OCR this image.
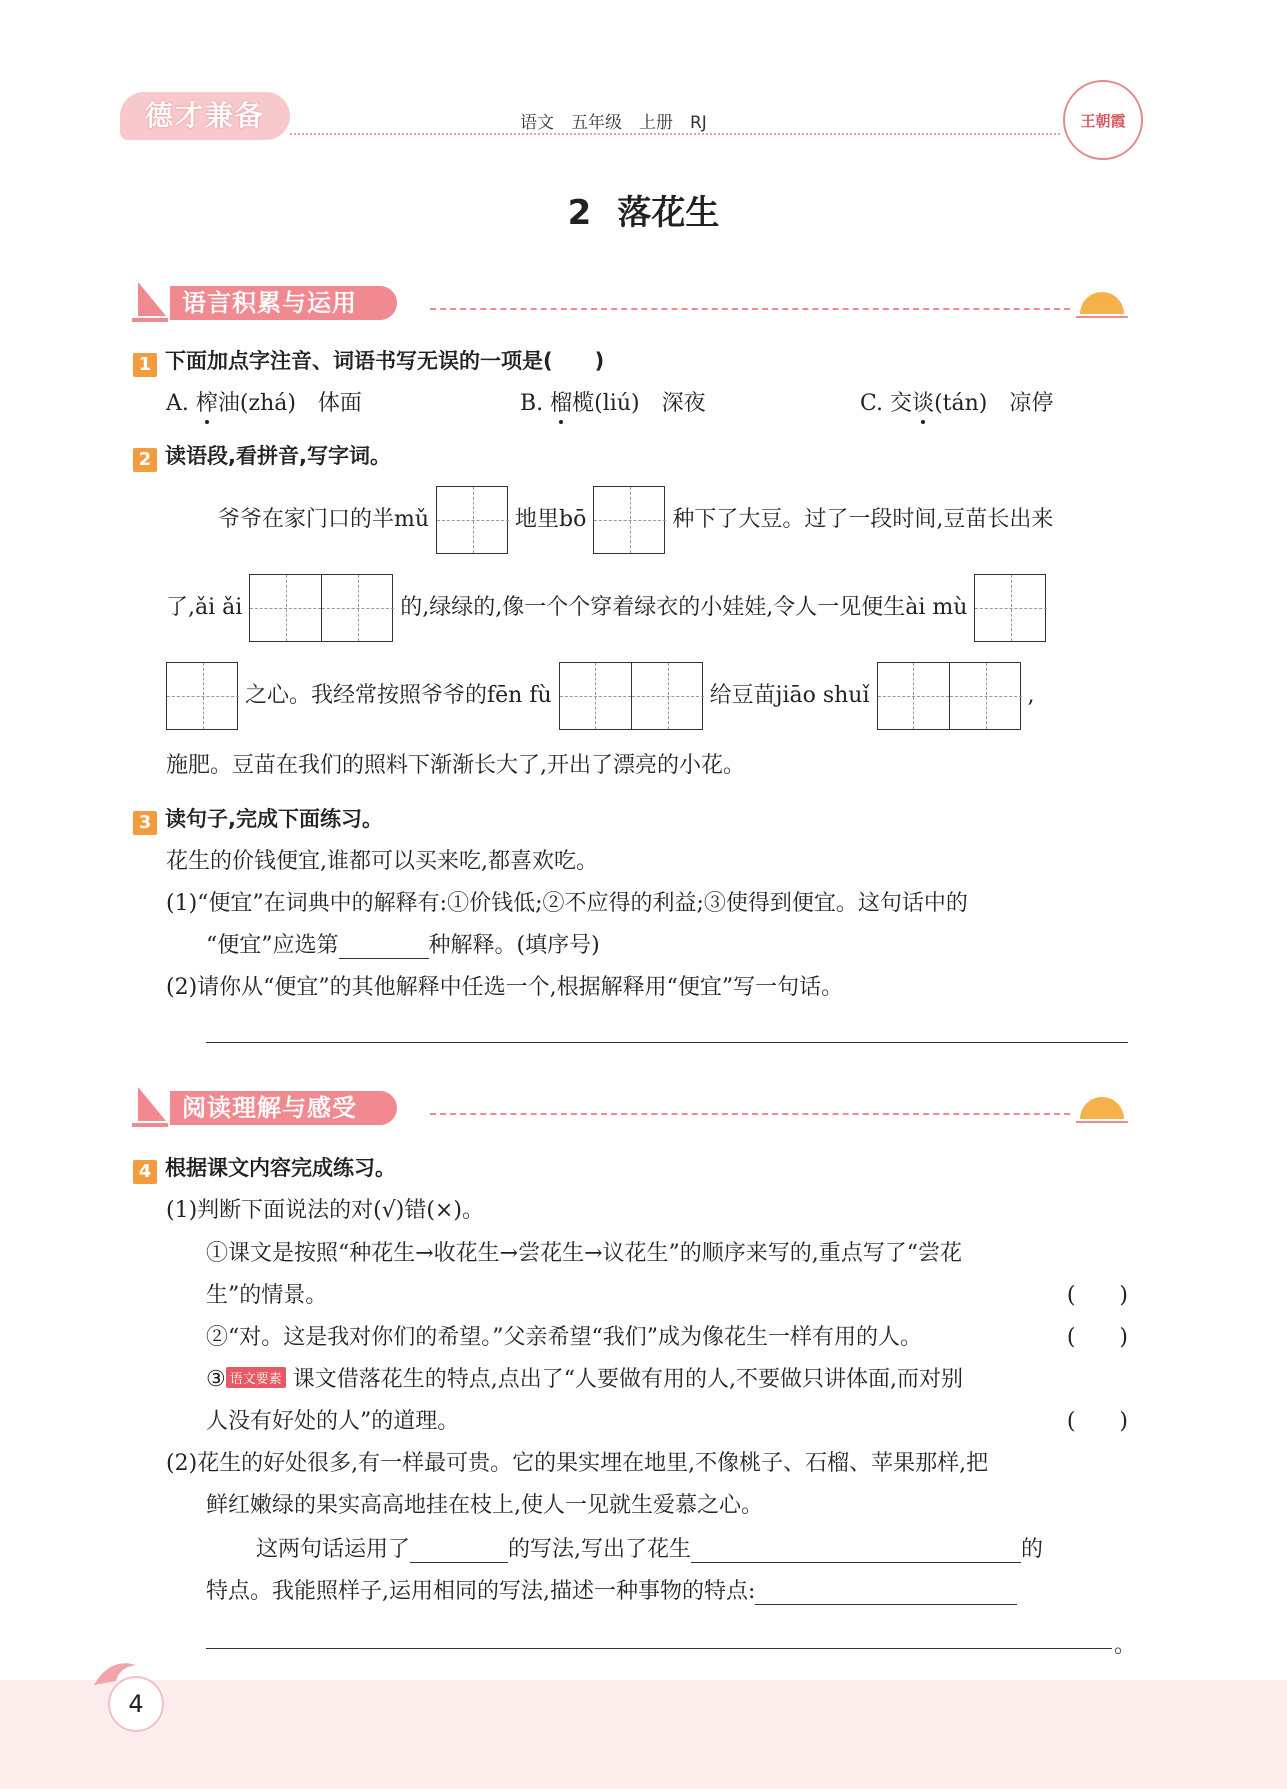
德才兼备	语文　五年级　上册　RJ	王朝霞
2 落花生
语言积累与运用
1 下面加点字注音、词语书写无误的一项是(　　)
A. 榨油(zhá)　体面	B. 榴榄(liú)　深夜	C. 交谈(tán)　凉停
2 读语段,看拼音,写字词。
爷爷在家门口的半mǔ	地里bō	种下了大豆。过了一段时间,豆苗长出来
了,ǎi ǎi	的,绿绿的,像一个个穿着绿衣的小娃娃,令人一见便生ài mù
之心。我经常按照爷爷的fēn fù	给豆苗jiāo shuǐ	,
施肥。豆苗在我们的照料下渐渐长大了,开出了漂亮的小花。
3 读句子,完成下面练习。
花生的价钱便宜,谁都可以买来吃,都喜欢吃。
(1)“便宜”在词典中的解释有:①价钱低;②不应得的利益;③使得到便宜。这句话中的
“便宜”应选第	种解释。(填序号)
(2)请你从“便宜”的其他解释中任选一个,根据解释用“便宜”写一句话。
阅读理解与感受
4 根据课文内容完成练习。
(1)判断下面说法的对(√)错(×)。
①课文是按照“种花生→收花生→尝花生→议花生”的顺序来写的,重点写了“尝花
生”的情景。	(　　)
②“对。这是我对你们的希望。”父亲希望“我们”成为像花生一样有用的人。	(　　)
③ 语文要素 课文借落花生的特点,点出了“人要做有用的人,不要做只讲体面,而对别
人没有好处的人”的道理。	(　　)
(2)花生的好处很多,有一样最可贵。它的果实埋在地里,不像桃子、石榴、苹果那样,把
鲜红嫩绿的果实高高地挂在枝上,使人一见就生爱慕之心。
这两句话运用了	的写法,写出了花生	的
特点。我能照样子,运用相同的写法,描述一种事物的特点:
。
4
